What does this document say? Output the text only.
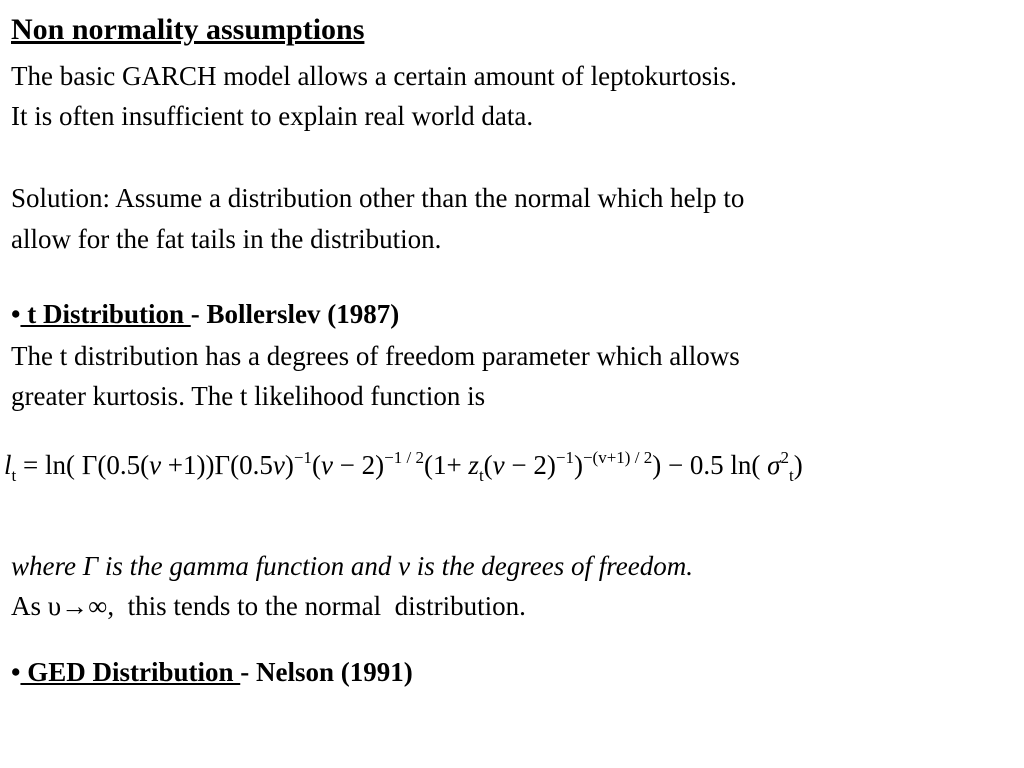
Non normality assumptions
The basic GARCH model allows a certain amount of leptokurtosis.
It is often insufficient to explain real world data.
Solution: Assume a distribution other than the normal which help to
allow for the fat tails in the distribution.
• t Distribution - Bollerslev (1987)
The t distribution has a degrees of freedom parameter which allows
greater kurtosis. The t likelihood function is
$l_t = \ln$( $\Gamma(0.5(v +1))\Gamma(0.5v)^{-1}(v - 2)^{-1 / 2}(1+ z_t(v - 2)^{-1})^{-(v+1) / 2}) - 0.5$ ln( $\sigma^2_t$)
where Γ is the gamma function and v is the degrees of freedom.
As υ→∞,  this tends to the normal  distribution.
• GED Distribution - Nelson (1991)
